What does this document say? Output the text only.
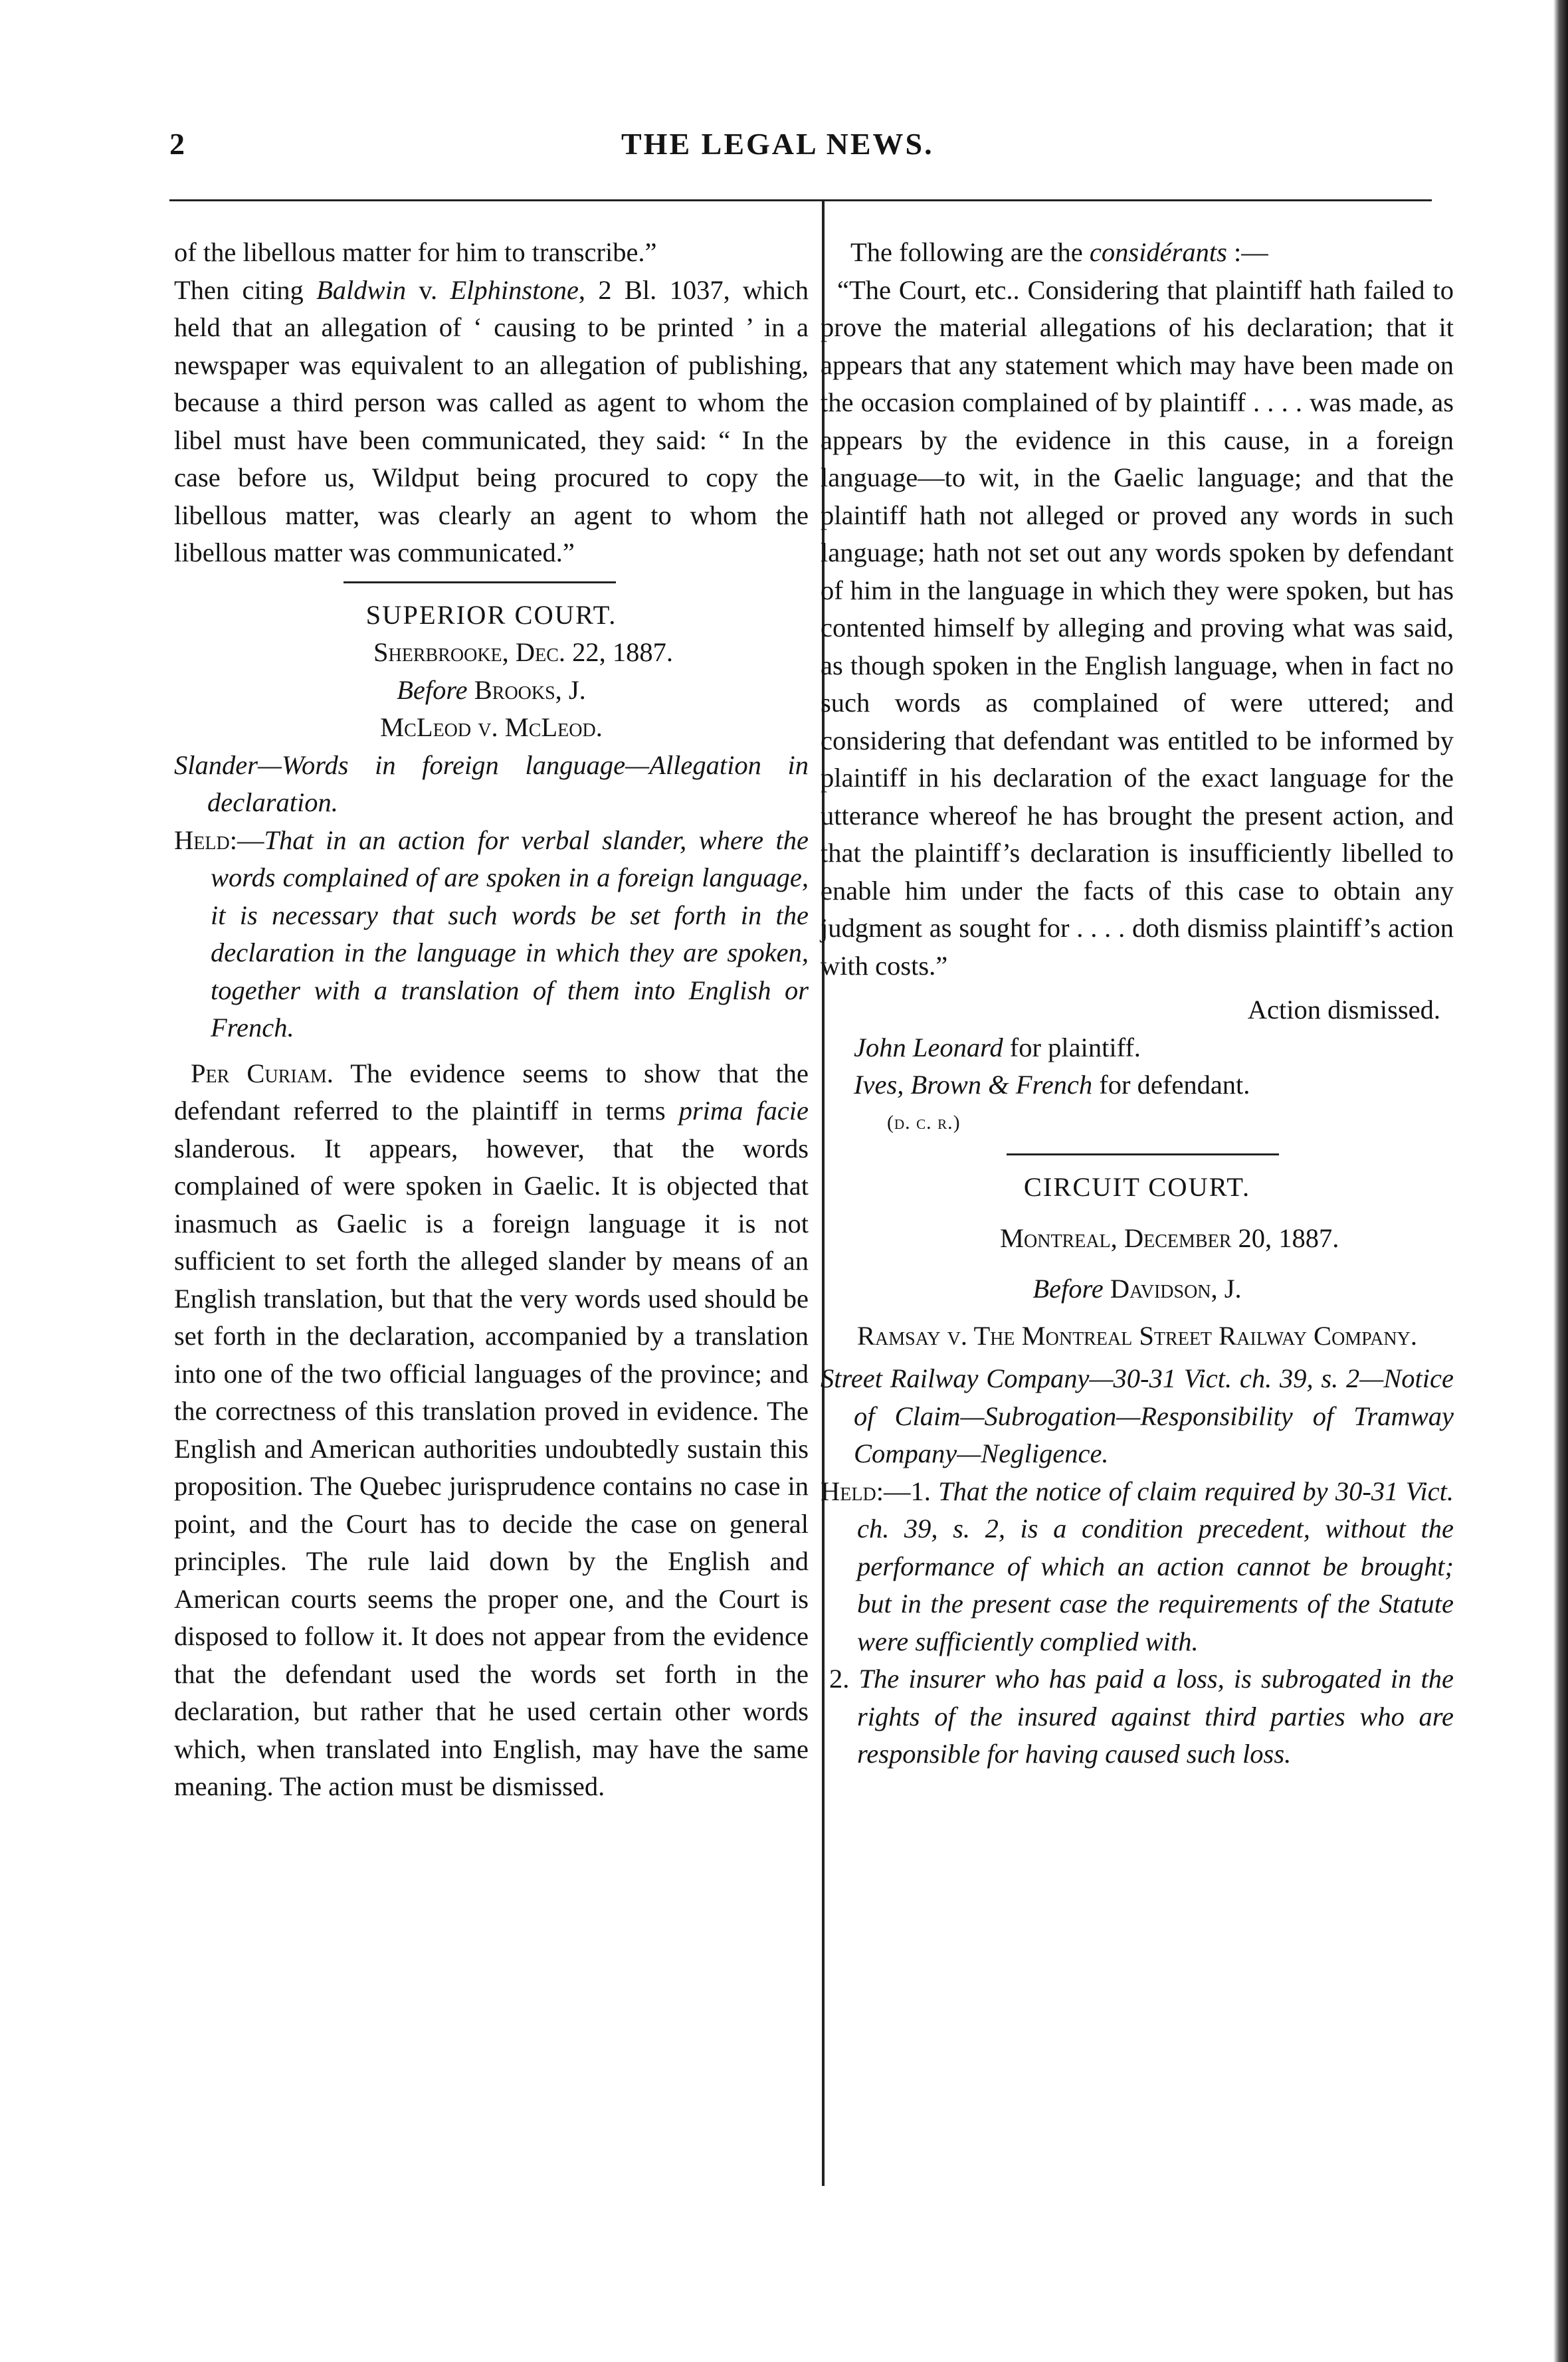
2	THE LEGAL NEWS.

of the libellous matter for him to transcribe.”
Then citing Baldwin v. Elphinstone, 2 Bl. 1037, which held that an allegation of ‘ causing to be printed ’ in a newspaper was equivalent to an allegation of publishing, because a third person was called as agent to whom the libel must have been communicated, they said: “ In the case before us, Wildput being procured to copy the libellous matter, was clearly an agent to whom the libellous matter was communicated.”

SUPERIOR COURT.

Sherbrooke, Dec. 22, 1887.

Before Brooks, J.

McLeod v. McLeod.

Slander—Words in foreign language—Allegation in declaration.

Held:—That in an action for verbal slander, where the words complained of are spoken in a foreign language, it is necessary that such words be set forth in the declaration in the language in which they are spoken, together with a translation of them into English or French.

Per Curiam. The evidence seems to show that the defendant referred to the plaintiff in terms prima facie slanderous. It appears, however, that the words complained of were spoken in Gaelic. It is objected that inasmuch as Gaelic is a foreign language it is not sufficient to set forth the alleged slander by means of an English translation, but that the very words used should be set forth in the declaration, accompanied by a translation into one of the two official languages of the province; and the correctness of this translation proved in evidence. The English and American authorities undoubtedly sustain this proposition. The Quebec jurisprudence contains no case in point, and the Court has to decide the case on general principles. The rule laid down by the English and American courts seems the proper one, and the Court is disposed to follow it. It does not appear from the evidence that the defendant used the words set forth in the declaration, but rather that he used certain other words which, when translated into English, may have the same meaning. The action must be dismissed.

The following are the considérants :—

“The Court, etc.. Considering that plaintiff hath failed to prove the material allegations of his declaration; that it appears that any statement which may have been made on the occasion complained of by plaintiff . . . . was made, as appears by the evidence in this cause, in a foreign language—to wit, in the Gaelic language; and that the plaintiff hath not alleged or proved any words in such language; hath not set out any words spoken by defendant of him in the language in which they were spoken, but has contented himself by alleging and proving what was said, as though spoken in the English language, when in fact no such words as complained of were uttered; and considering that defendant was entitled to be informed by plaintiff in his declaration of the exact language for the utterance whereof he has brought the present action, and that the plaintiff’s declaration is insufficiently libelled to enable him under the facts of this case to obtain any judgment as sought for . . . . doth dismiss plaintiff’s action with costs.”

Action dismissed.

John Leonard for plaintiff.

Ives, Brown & French for defendant.

(d. c. r.)

CIRCUIT COURT.

Montreal, December 20, 1887.

Before Davidson, J.

Ramsay v. The Montreal Street Railway Company.

Street Railway Company—30-31 Vict. ch. 39, s. 2—Notice of Claim—Subrogation—Responsibility of Tramway Company—Negligence.

Held:—1. That the notice of claim required by 30-31 Vict. ch. 39, s. 2, is a condition precedent, without the performance of which an action cannot be brought; but in the present case the requirements of the Statute were sufficiently complied with.

2. The insurer who has paid a loss, is subrogated in the rights of the insured against third parties who are responsible for having caused such loss.
